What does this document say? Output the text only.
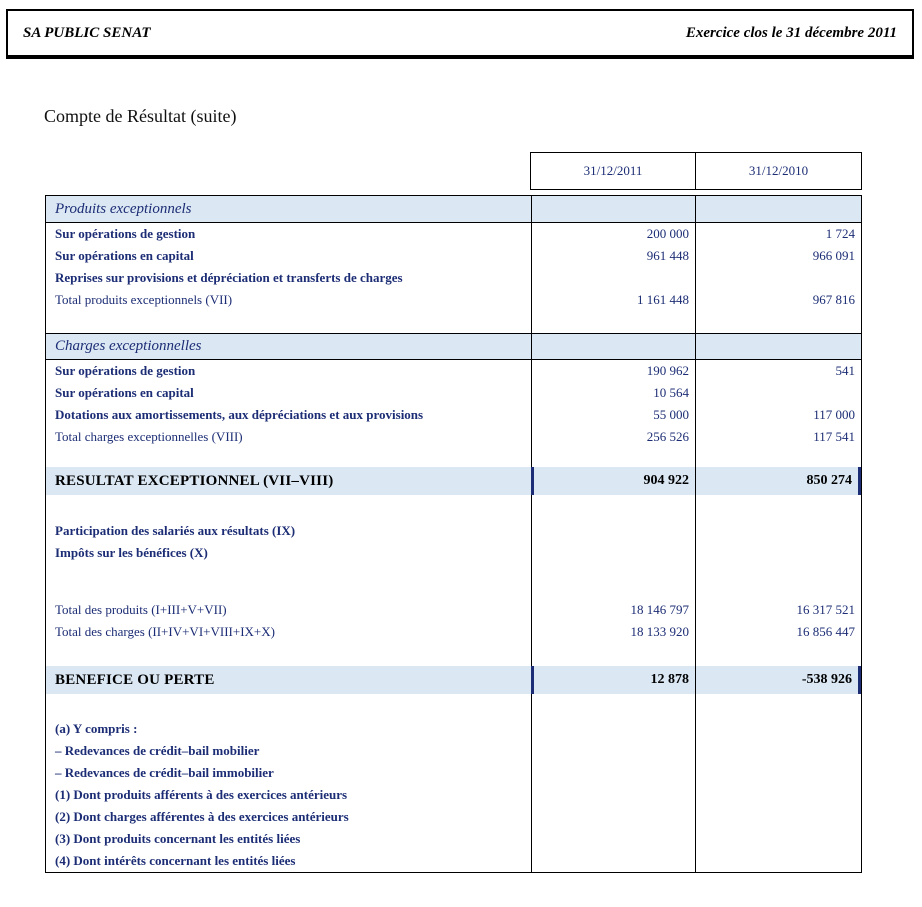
SA PUBLIC SENAT	Exercice clos le 31 décembre 2011
Compte de Résultat (suite)
31/12/2011	31/12/2010
Produits exceptionnels
Sur opérations de gestion	200 000	1 724
Sur opérations en capital	961 448	966 091
Reprises sur provisions et dépréciation et transferts de charges
Total produits exceptionnels (VII)	1 161 448	967 816
Charges exceptionnelles
Sur opérations de gestion	190 962	541
Sur opérations en capital	10 564
Dotations aux amortissements, aux dépréciations et aux provisions	55 000	117 000
Total charges exceptionnelles (VIII)	256 526	117 541
RESULTAT EXCEPTIONNEL (VII–VIII)	904 922	850 274
Participation des salariés aux résultats (IX)
Impôts sur les bénéfices (X)
Total des produits (I+III+V+VII)	18 146 797	16 317 521
Total des charges (II+IV+VI+VIII+IX+X)	18 133 920	16 856 447
BENEFICE OU PERTE	12 878	-538 926
(a) Y compris :
– Redevances de crédit–bail mobilier
– Redevances de crédit–bail immobilier
(1) Dont produits afférents à des exercices antérieurs
(2) Dont charges afférentes à des exercices antérieurs
(3) Dont produits concernant les entités liées
(4) Dont intérêts concernant les entités liées
